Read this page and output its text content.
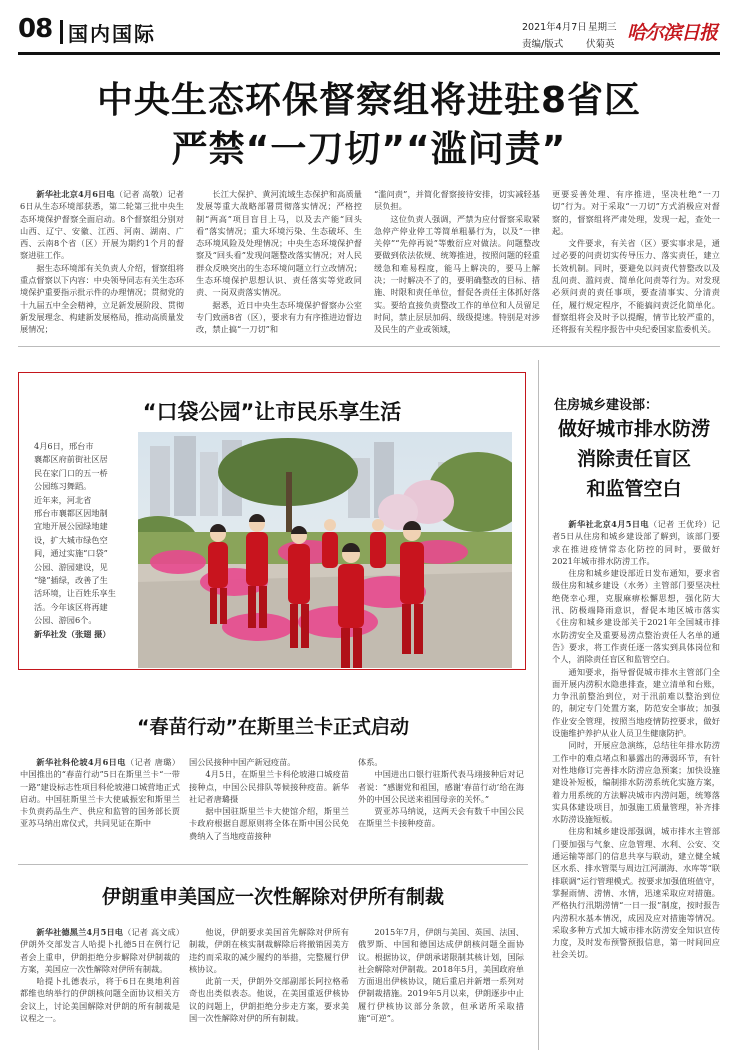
08 国内国际	2021年4月7日 星期三
责编/版式 伏菊英
哈尔滨日报
中央生态环保督察组将进驻8省区
严禁“一刀切”“滥问责”

新华社北京4月6日电（记者 高敬）记者6日从生态环境部获悉，第二轮第三批中央生态环境保护督察全面启动。8个督察组分别对山西、辽宁、安徽、江西、河南、湖南、广西、云南8个省（区）开展为期约1个月的督察进驻工作。

据生态环境部有关负责人介绍，督察组将重点督察以下内容：中央领导同志有关生态环境保护重要指示批示件的办理情况；贯彻党的十九届五中全会精神，立足新发展阶段、贯彻新发展理念、构建新发展格局，推动高质量发展情况；

长江大保护、黄河流域生态保护和高质量发展等重大战略部署贯彻落实情况；严格控制“两高”项目盲目上马，以及去产能“回头看”落实情况；重大环境污染、生态破坏、生态环境风险及处理情况；中央生态环境保护督察及“回头看”发现问题整改落实情况；对人民群众反映突出的生态环境问题立行立改情况；生态环境保护思想认识、责任落实等党政同责、一岗双责落实情况。

据悉，近日中央生态环境保护督察办公室专门致函8省（区），要求有力有序推进边督边改，禁止搞“一刀切”和

“滥问责”，并简化督察接待安排，切实减轻基层负担。

这位负责人强调，严禁为应付督察采取紧急停产停业停工等简单粗暴行为，以及“一律关停”“先停再说”等敷衍应对做法。问题整改要做到依法依规、统筹推进，按照问题的轻重缓急和难易程度，能马上解决的，要马上解决；一时解决不了的，要明确整改的目标、措施、时限和责任单位，督促各责任主体抓好落实。要给直接负责整改工作的单位和人员留足时间，禁止层层加码、级级提速。特别是对涉及民生的产业或领域，

更要妥善处理、有序推进，坚决杜绝“一刀切”行为。对于采取“一刀切”方式消极应对督察的，督察组将严肃处理，发现一起，查处一起。

文件要求，有关省（区）要实事求是，通过必要的问责切实传导压力、落实责任，建立长效机制。同时，要避免以问责代替整改以及乱问责、滥问责、简单化问责等行为。对发现必须问责的责任事项，要查清事实、分清责任，履行规定程序，不能搞问责泛化简单化。督察组将会及时予以提醒，情节比较严重的，还将报有关程序报告中央纪委国家监委机关。

“口袋公园”让市民乐享生活
4月6日，邢台市
襄都区府前街社区居
民在家门口的五一桥
公园练习舞蹈。
近年来，河北省
邢台市襄都区因地制
宜地开展公园绿地建
设，扩大城市绿色空
间，通过实施“口袋”
公园、游园建设，见
“缝”插绿，改善了生
活环境，让百姓乐享生
活。今年该区将再建
公园、游园6个。
新华社发（张翅 摄）
“春苗行动”在斯里兰卡正式启动

新华社科伦坡4月6日电（记者 唐璐）中国推出的“春苗行动”5日在斯里兰卡“一带一路”建设标志性项目科伦坡港口城营地正式启动。中国驻斯里兰卡大使戚振宏和斯里兰卡负责药品生产、供应和监管的国务部长贾亚苏马纳出席仪式，共同见证在斯中

国公民接种中国产新冠疫苗。

4月5日，在斯里兰卡科伦坡港口城疫苗接种点，中国公民排队等候接种疫苗。新华社记者唐璐摄

据中国驻斯里兰卡大使馆介绍，斯里兰卡政府根据自愿原则将全体在斯中国公民免费纳入了当地疫苗接种

体系。

中国进出口银行驻斯代表马翊接种后对记者说：“感谢党和祖国，感谢‘春苗行动’给在海外的中国公民送来祖国母亲的关怀。”

贾亚苏马纳说，这两天会有数千中国公民在斯里兰卡接种疫苗。

伊朗重申美国应一次性解除对伊所有制裁

新华社德黑兰4月5日电（记者 高文成）伊朗外交部发言人哈提卜扎德5日在例行记者会上重申，伊朗拒绝分步解除对伊制裁的方案，美国应一次性解除对伊所有制裁。

哈提卜扎德表示，将于6日在奥地利首都维也纳举行的伊朗核问题全面协议相关方会议上，讨论美国解除对伊朗的所有制裁是议程之一。

他说，伊朗要求美国首先解除对伊所有制裁，伊朗在核实制裁解除后将撤销因美方违约而采取的减少履约的举措，完整履行伊核协议。

此前一天，伊朗外交部副部长阿拉格希奇也出类似表态。他说，在美国重返伊核协议的问题上，伊朗拒绝分步走方案，要求美国一次性解除对伊的所有制裁。

2015年7月，伊朗与美国、英国、法国、俄罗斯、中国和德国达成伊朗核问题全面协议。根据协议，伊朗承诺限制其核计划，国际社会解除对伊制裁。2018年5月，美国政府单方面退出伊核协议，随后重启并新增一系列对伊制裁措施。2019年5月以来，伊朗逐步中止履行伊核协议部分条款，但承诺所采取措施“可逆”。

住房城乡建设部：
做好城市排水防涝
消除责任盲区
和监管空白

新华社北京4月5日电（记者 王优玲）记者5日从住房和城乡建设部了解到，该部门要求在推进疫情常态化防控的同时，要做好2021年城市排水防涝工作。

住房和城乡建设部近日发布通知，要求省级住房和城乡建设（水务）主管部门要坚决杜绝侥幸心理，克服麻痹松懈思想，强化防大汛、防极端降雨意识，督促本地区城市落实《住房和城乡建设部关于2021年全国城市排水防涝安全及重要易涝点整治责任人名单的通告》要求，将工作责任逐一落实到具体岗位和个人，消除责任盲区和监管空白。

通知要求，指导督促城市排水主管部门全面开展内涝积水隐患排查，建立清单和台账，力争汛前整治到位，对于汛前难以整治到位的，制定专门处置方案，防范安全事故；加强作业安全管理，按照当地疫情防控要求，做好设施维护养护从业人员卫生健康防护。

同时，开展应急演练，总结往年排水防涝工作中的难点堵点和暴露出的薄弱环节，有针对性地修订完善排水防涝应急预案；加快设施建设补短板，编制排水防涝系统化实施方案，着力用系统的方法解决城市内涝问题，统筹落实具体建设项目，加强施工质量管理，补齐排水防涝设施短板。

住房和城乡建设部强调，城市排水主管部门要加强与气象、应急管理、水利、公安、交通运输等部门的信息共享与联动，建立健全城区水系、排水管渠与周边江河湖海、水库等“联排联调”运行管理模式。按要求加强值班值守，掌握雨情、涝情、水情，迅速采取应对措施。严格执行汛期涝情“一日一报”制度，按时报告内涝积水基本情况，成因及应对措施等情况。采取多种方式加大城市排水防涝安全知识宣传力度，及时发布预警预报信息，第一时间回应社会关切。
